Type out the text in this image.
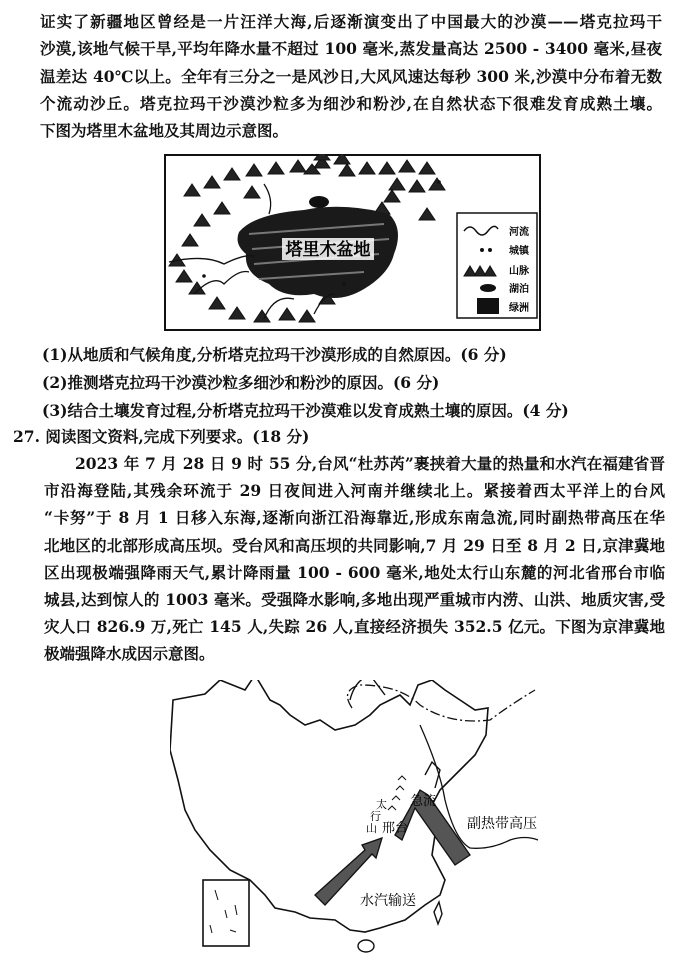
证实了新疆地区曾经是一片汪洋大海,后逐渐演变出了中国最大的沙漠——塔克拉玛干
沙漠,该地气候干旱,平均年降水量不超过 100 毫米,蒸发量高达 2500 - 3400 毫米,昼夜
温差达 40℃以上。全年有三分之一是风沙日,大风风速达每秒 300 米,沙漠中分布着无数
个流动沙丘。塔克拉玛干沙漠沙粒多为细沙和粉沙,在自然状态下很难发育成熟土壤。
下图为塔里木盆地及其周边示意图。
塔里木盆地
河流
城镇
山脉
湖泊
绿洲
(1)从地质和气候角度,分析塔克拉玛干沙漠形成的自然原因。(6 分)
(2)推测塔克拉玛干沙漠沙粒多细沙和粉沙的原因。(6 分)
(3)结合土壤发育过程,分析塔克拉玛干沙漠难以发育成熟土壤的原因。(4 分)
27. 阅读图文资料,完成下列要求。(18 分)
2023 年 7 月 28 日 9 时 55 分,台风“杜苏芮”裹挟着大量的热量和水汽在福建省晋
市沿海登陆,其残余环流于 29 日夜间进入河南并继续北上。紧接着西太平洋上的台风
“卡努”于 8 月 1 日移入东海,逐渐向浙江沿海靠近,形成东南急流,同时副热带高压在华
北地区的北部形成高压坝。受台风和高压坝的共同影响,7 月 29 日至 8 月 2 日,京津冀地
区出现极端强降雨天气,累计降雨量 100 - 600 毫米,地处太行山东麓的河北省邢台市临
城县,达到惊人的 1003 毫米。受强降水影响,多地出现严重城市内涝、山洪、地质灾害,受
灾人口 826.9 万,死亡 145 人,失踪 26 人,直接经济损失 352.5 亿元。下图为京津冀地
极端强降水成因示意图。
太
行
山 邢台
急流
副热带高压
水汽输送
